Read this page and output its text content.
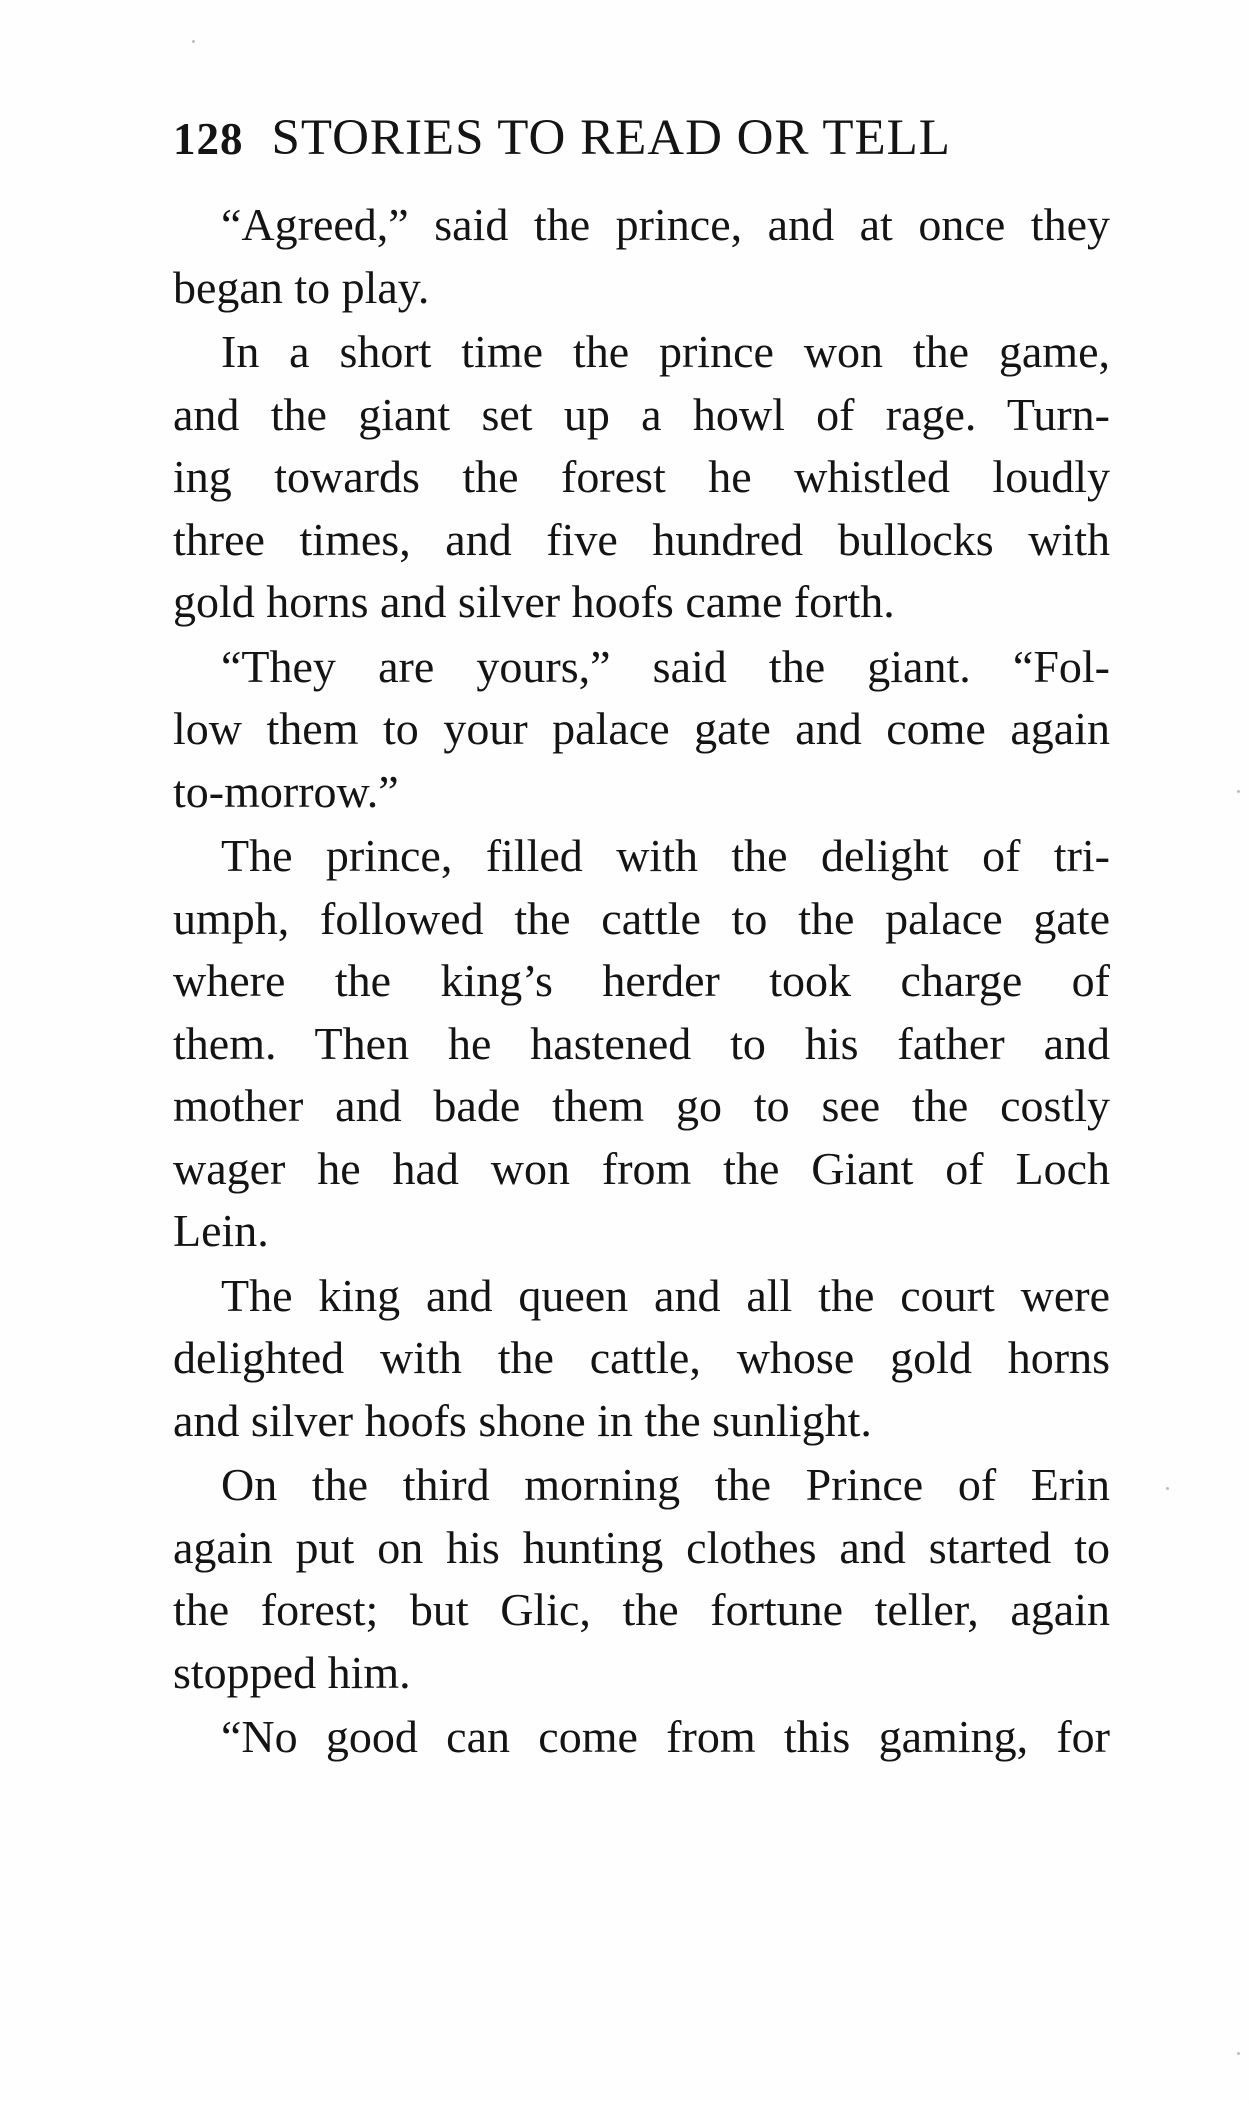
128 STORIES TO READ OR TELL
“Agreed,” said the prince, and at once they
began to play.
In a short time the prince won the game,
and the giant set up a howl of rage. Turn-
ing towards the forest he whistled loudly
three times, and five hundred bullocks with
gold horns and silver hoofs came forth.
“They are yours,” said the giant. “Fol-
low them to your palace gate and come again
to-morrow.”
The prince, filled with the delight of tri-
umph, followed the cattle to the palace gate
where the king’s herder took charge of
them. Then he hastened to his father and
mother and bade them go to see the costly
wager he had won from the Giant of Loch
Lein.
The king and queen and all the court were
delighted with the cattle, whose gold horns
and silver hoofs shone in the sunlight.
On the third morning the Prince of Erin
again put on his hunting clothes and started to
the forest; but Glic, the fortune teller, again
stopped him.
“No good can come from this gaming, for
